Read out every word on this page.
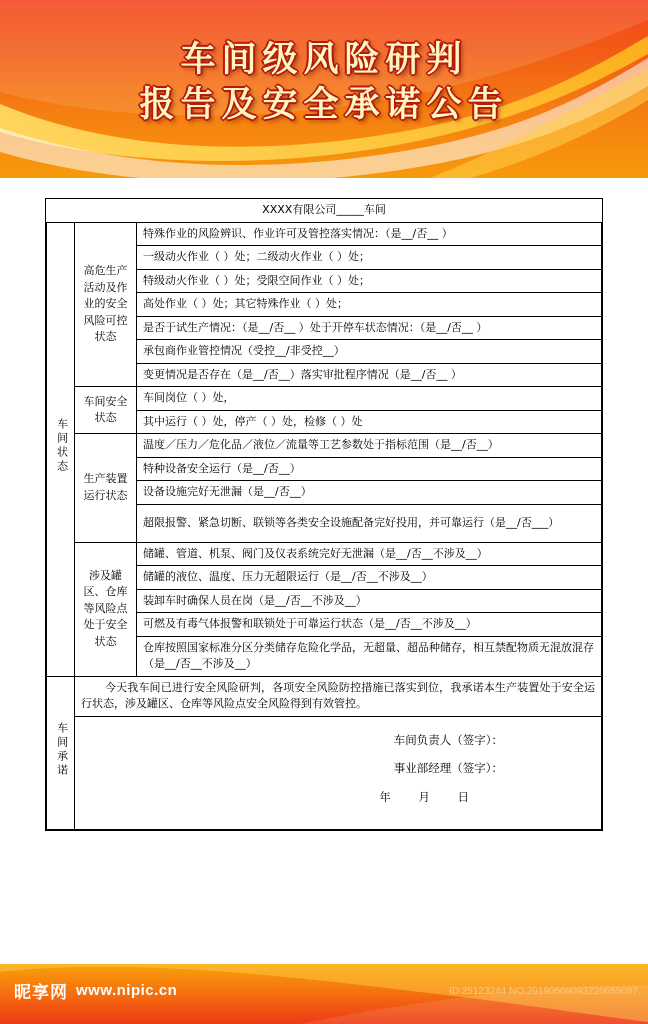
车间级风险研判
报告及安全承诺公告
XXXX有限公司_____车间		
车间状态	高危生产活动及作业的安全风险可控状态	特殊作业的风险辨识、作业许可及管控落实情况：（是__/否__ ）
		一级动火作业（ ）处；二级动火作业（ ）处；
		特级动火作业（ ）处；受限空间作业（ ）处；
		高处作业（ ）处；其它特殊作业（ ）处；
		是否于试生产情况：（是__/否__ ）处于开停车状态情况：（是__/否__ ）
		承包商作业管控情况（受控__/非受控__）
		变更情况是否存在（是__/否__）落实审批程序情况（是__/否__ ）
	车间安全状态	车间岗位（ ）处，
		其中运行（ ）处，停产（ ）处，检修（ ）处
	生产装置运行状态	温度／压力／危化品／液位／流量等工艺参数处于指标范围（是__/否__）
		特种设备安全运行（是__/否__）
		设备设施完好无泄漏（是__/否__）
		超限报警、紧急切断、联锁等各类安全设施配备完好投用，并可靠运行（是__/否___）
	涉及罐区、仓库等风险点处于安全状态	储罐、管道、机泵、阀门及仪表系统完好无泄漏（是__/否__不涉及__）
		储罐的液位、温度、压力无超限运行（是__/否__不涉及__）
		装卸车时确保人员在岗（是__/否__不涉及__）
		可燃及有毒气体报警和联锁处于可靠运行状态（是__/否__不涉及__）
		仓库按照国家标准分区分类储存危险化学品，无超量、超品种储存，相互禁配物质无混放混存（是__/否__不涉及__）
车间承诺	今天我车间已进行安全风险研判，各项安全风险防控措施已落实到位，我承诺本生产装置处于安全运行状态，涉及罐区、仓库等风险点安全风险得到有效管控。	

	车间负责人（签字）：
事业部经理（签字）：
年 月 日	
昵享网 www.nipic.cn	ID:25123244 NO:20190509093220655087
